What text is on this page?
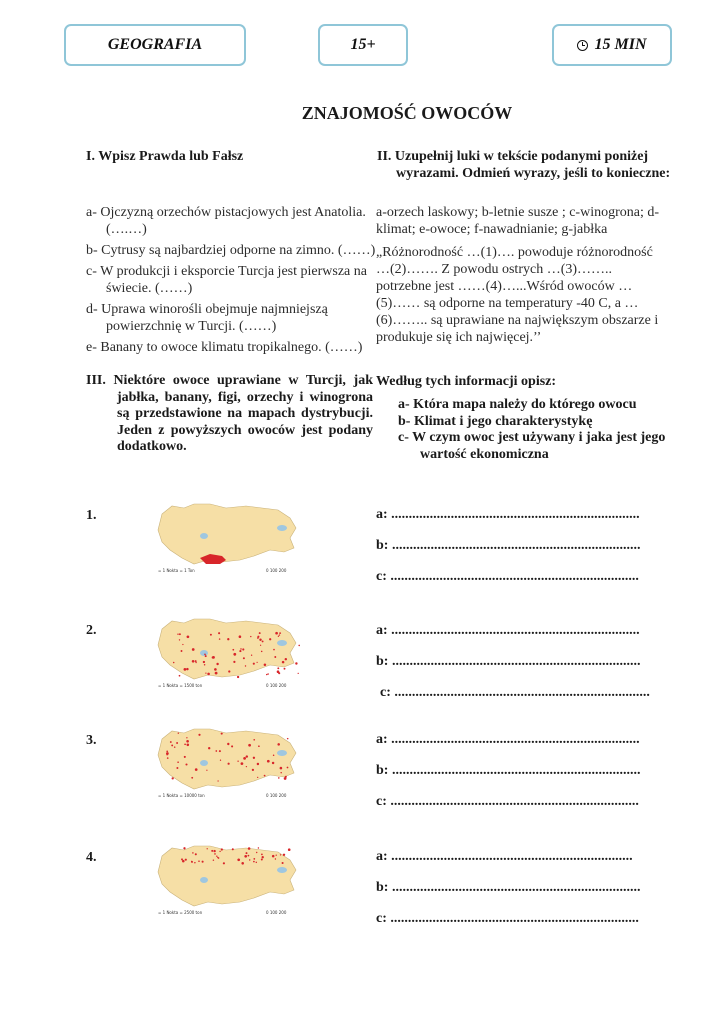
GEOGRAFIA	15+	15 MIN
ZNAJOMOŚĆ OWOCÓW
I. Wpisz Prawda lub Fałsz
a- Ojczyzną orzechów pistacjowych jest Anatolia.(….…)
b- Cytrusy są najbardziej odporne na zimno. (……)
c- W produkcji i eksporcie Turcja jest pierwsza na świecie. (……)
d- Uprawa winorośli obejmuje najmniejszą powierzchnię w Turcji. (……)
e- Banany to owoce klimatu tropikalnego. (……)
II. Uzupełnij luki w tekście podanymi poniżej wyrazami. Odmień wyrazy, jeśli to konieczne:
a-orzech laskowy; b-letnie susze ; c-winogrona; d-klimat; e-owoce; f-nawadnianie; g-jabłka
„Różnorodność …(1)…. powoduje różnorodność …(2)……. Z powodu ostrych …(3)…….. potrzebne jest ……(4)…...Wśród owoców …(5)…… są odporne na temperatury -40 C, a …(6)…….. są uprawiane na największym obszarze i produkuje się ich najwięcej.’’
III. Niektóre owoce uprawiane w Turcji, jak jabłka, banany, figi, orzechy i winogrona są przedstawione na mapach dystrybucji. Jeden z powyższych owoców jest podany dodatkowo.
Według tych informacji opisz:
a- Która mapa należy do którego owocu
b- Klimat i jego charakterystykę
c- W czym owoc jest używany i jaka jest jego wartość ekonomiczna
1.
2.
3.
4.
= 1 Noktа = 1 Ton	0 100 200
= 1 Nokta = 1500 ton	0 100 200
= 1 Nokta = 10000 ton	0 100 200
= 1 Nokta = 2500 ton	0 100 200
a: .......................................................................
b: .......................................................................
c: .......................................................................
a: .......................................................................
b: .......................................................................
c: .........................................................................
a: .......................................................................
b: .......................................................................
c: .......................................................................
a: .....................................................................
b: .......................................................................
c: .......................................................................
